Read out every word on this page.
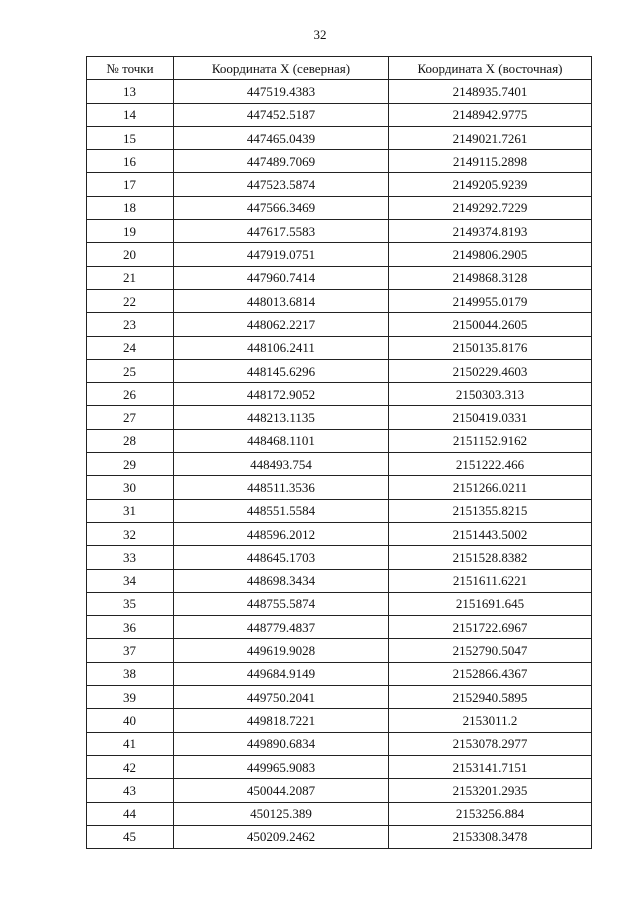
32
№ точки	Координата X (северная)	Координата X (восточная)
13	447519.4383	2148935.7401
14	447452.5187	2148942.9775
15	447465.0439	2149021.7261
16	447489.7069	2149115.2898
17	447523.5874	2149205.9239
18	447566.3469	2149292.7229
19	447617.5583	2149374.8193
20	447919.0751	2149806.2905
21	447960.7414	2149868.3128
22	448013.6814	2149955.0179
23	448062.2217	2150044.2605
24	448106.2411	2150135.8176
25	448145.6296	2150229.4603
26	448172.9052	2150303.313
27	448213.1135	2150419.0331
28	448468.1101	2151152.9162
29	448493.754	2151222.466
30	448511.3536	2151266.0211
31	448551.5584	2151355.8215
32	448596.2012	2151443.5002
33	448645.1703	2151528.8382
34	448698.3434	2151611.6221
35	448755.5874	2151691.645
36	448779.4837	2151722.6967
37	449619.9028	2152790.5047
38	449684.9149	2152866.4367
39	449750.2041	2152940.5895
40	449818.7221	2153011.2
41	449890.6834	2153078.2977
42	449965.9083	2153141.7151
43	450044.2087	2153201.2935
44	450125.389	2153256.884
45	450209.2462	2153308.3478
